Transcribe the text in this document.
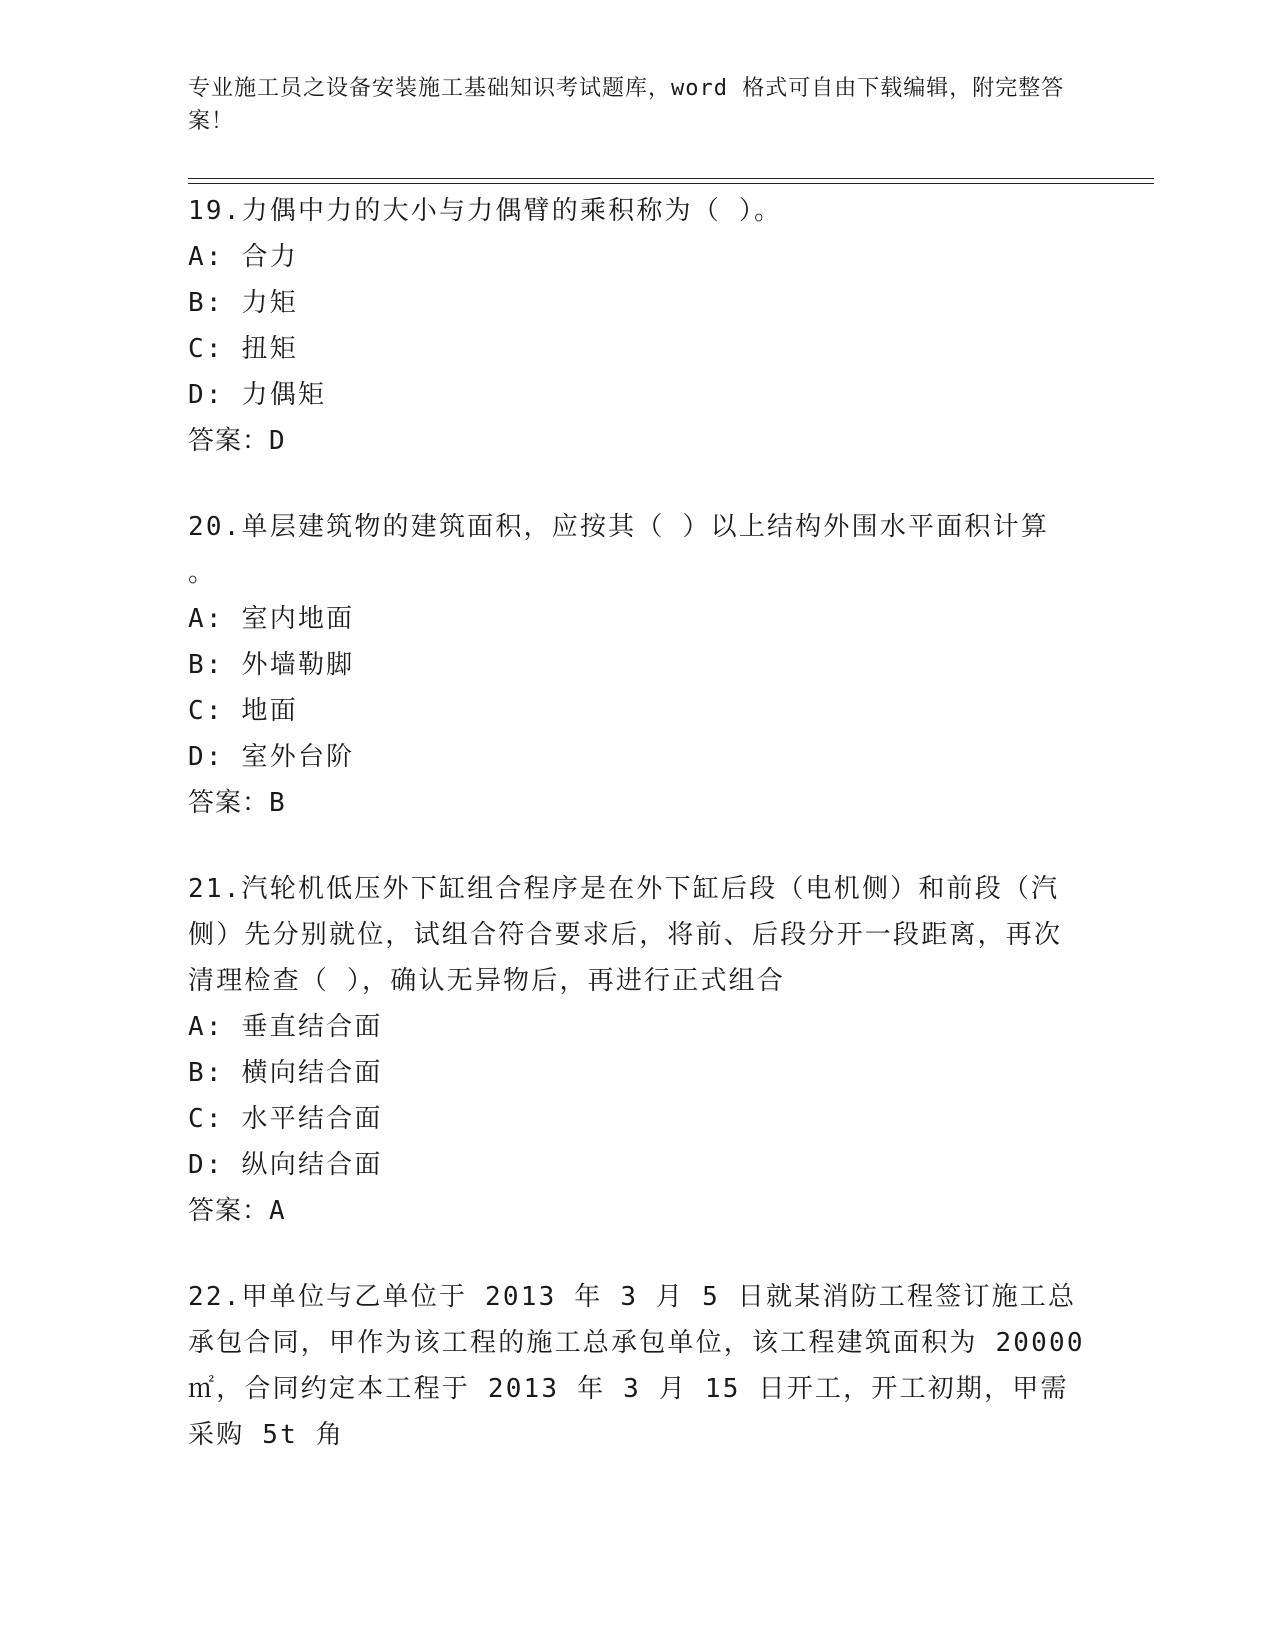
专业施工员之设备安装施工基础知识考试题库，word 格式可自由下载编辑，附完整答案！
19.力偶中力的大小与力偶臂的乘积称为（ ）。
A: 合力
B: 力矩
C: 扭矩
D: 力偶矩
答案：D
20.单层建筑物的建筑面积，应按其（ ）以上结构外围水平面积计算
。
A: 室内地面
B: 外墙勒脚
C: 地面
D: 室外台阶
答案：B
21.汽轮机低压外下缸组合程序是在外下缸后段（电机侧）和前段（汽侧）先分别就位，试组合符合要求后，将前、后段分开一段距离，再次清理检查（ ），确认无异物后，再进行正式组合
A: 垂直结合面
B: 横向结合面
C: 水平结合面
D: 纵向结合面
答案：A
22.甲单位与乙单位于 2013 年 3 月 5 日就某消防工程签订施工总承包合同，甲作为该工程的施工总承包单位，该工程建筑面积为 20000㎡，合同约定本工程于 2013 年 3 月 15 日开工，开工初期，甲需采购 5t 角
